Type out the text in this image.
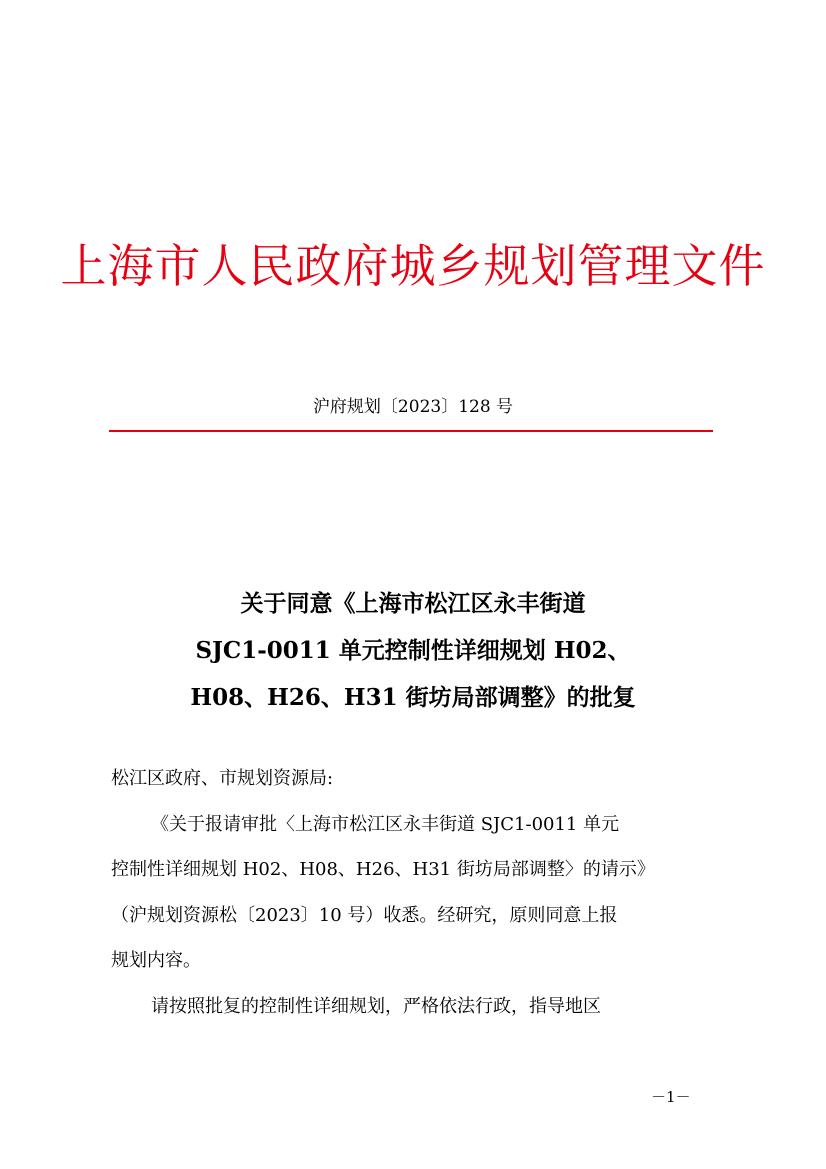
上海市人民政府城乡规划管理文件
沪府规划〔2023〕128 号
关于同意《上海市松江区永丰街道
SJC1-0011 单元控制性详细规划 H02、
H08、H26、H31 街坊局部调整》的批复
松江区政府、市规划资源局:
《关于报请审批〈上海市松江区永丰街道 SJC1-0011 单元
控制性详细规划 H02、H08、H26、H31 街坊局部调整〉的请示》
（沪规划资源松〔2023〕10 号）收悉。经研究，原则同意上报
规划内容。
请按照批复的控制性详细规划，严格依法行政，指导地区
－1－
